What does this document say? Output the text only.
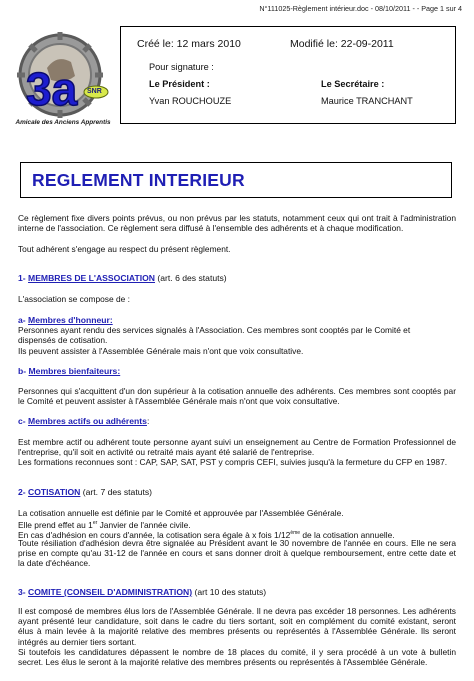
N°111025-Règlement intérieur.doc - 08/10/2011 - - Page 1 sur 4
3a SNR
Amicale des Anciens Apprentis
Créé le: 12 mars 2010	Modifié le: 22-09-2011
Pour signature :
Le Président :	Le Secrétaire :
Yvan ROUCHOUZE	Maurice TRANCHANT
REGLEMENT INTERIEUR
Ce règlement fixe divers points prévus, ou non prévus par les statuts, notamment ceux qui ont trait à l'administration interne de l'association. Ce règlement sera diffusé à l'ensemble des adhérents et à chaque modification.
Tout adhérent s'engage au respect du présent règlement.
1- MEMBRES DE L'ASSOCIATION (art. 6 des statuts)
L'association se compose de :
a- Membres d'honneur:
Personnes ayant rendu des services signalés à l'Association. Ces membres sont cooptés par le Comité et dispensés de cotisation.
Ils peuvent assister à l'Assemblée Générale mais n'ont que voix consultative.
b- Membres bienfaiteurs:
Personnes qui s'acquittent d'un don supérieur à la cotisation annuelle des adhérents. Ces membres sont cooptés par le Comité et peuvent assister à l'Assemblée Générale mais n'ont que voix consultative.
c- Membres actifs ou adhérents:
Est membre actif ou adhérent toute personne ayant suivi un enseignement au Centre de Formation Professionnel de l'entreprise, qu'il soit en activité ou retraité mais ayant été salarié de l'entreprise.
Les formations reconnues sont : CAP, SAP, SAT, PST y compris CEFI, suivies jusqu'à la fermeture du CFP en 1987.
2- COTISATION (art. 7 des statuts)
La cotisation annuelle est définie par le Comité et approuvée par l'Assemblée Générale.
Elle prend effet au 1er Janvier de l'année civile.
En cas d'adhésion en cours d'année, la cotisation sera égale à x fois 1/12ème de la cotisation annuelle.
Toute résiliation d'adhésion devra être signalée au Président avant le 30 novembre de l'année en cours. Elle ne sera prise en compte qu'au 31-12 de l'année en cours et sans donner droit à quelque remboursement, entre cette date et la date d'échéance.
3- COMITE (CONSEIL D'ADMINISTRATION) (art 10 des statuts)
Il est composé de membres élus lors de l'Assemblée Générale. Il ne devra pas excéder 18 personnes. Les adhérents ayant présenté leur candidature, soit dans le cadre du tiers sortant, soit en complément du comité existant, seront élus à main levée à la majorité relative des membres présents ou représentés à l'Assemblée Générale. Ils seront intégrés au dernier tiers sortant.
Si toutefois les candidatures dépassent le nombre de 18 places du comité, il y sera procédé à un vote à bulletin secret. Les élus le seront à la majorité relative des membres présents ou représentés à l'Assemblée Générale.
